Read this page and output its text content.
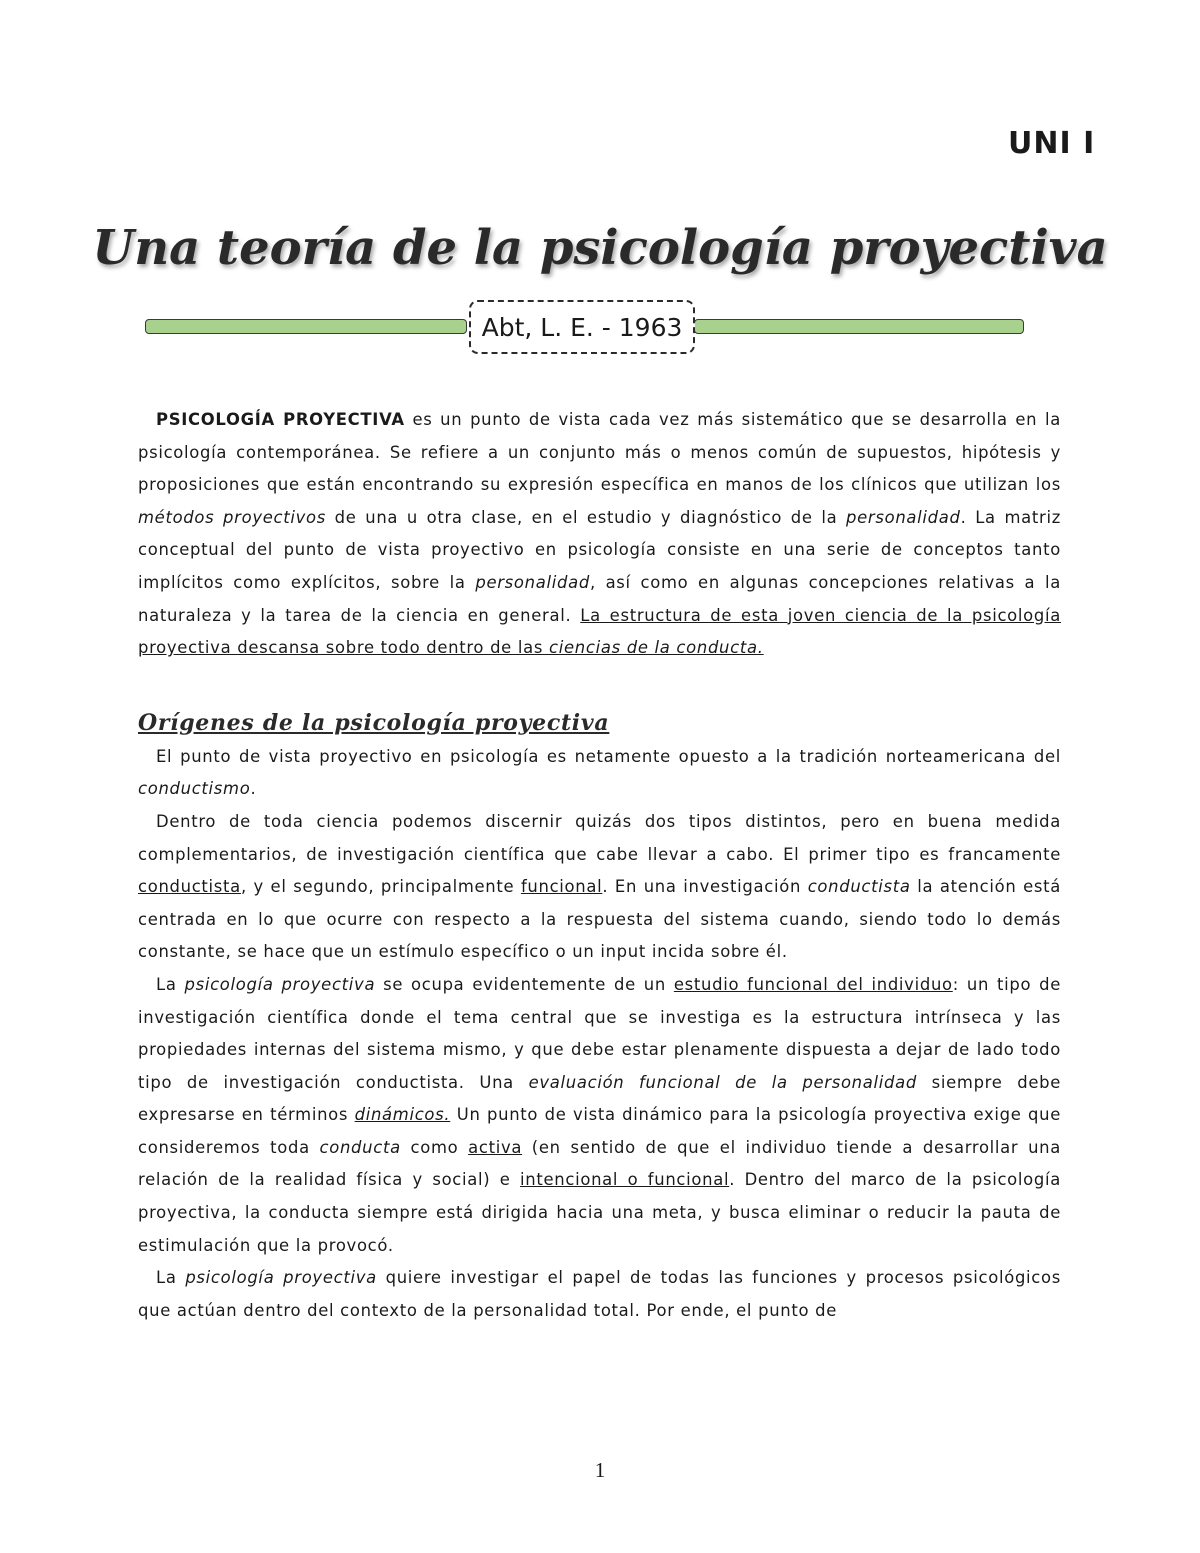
UNI I
Una teoría de la psicología proyectiva
Abt, L. E. - 1963

PSICOLOGÍA PROYECTIVA es un punto de vista cada vez más sistemático que se desarrolla en la psicología contemporánea. Se refiere a un conjunto más o menos común de supuestos, hipótesis y proposiciones que están encontrando su expresión específica en manos de los clínicos que utilizan los métodos proyectivos de una u otra clase, en el estudio y diagnóstico de la personalidad. La matriz conceptual del punto de vista proyectivo en psicología consiste en una serie de conceptos tanto implícitos como explícitos, sobre la personalidad, así como en algunas concepciones relativas a la naturaleza y la tarea de la ciencia en general. La estructura de esta joven ciencia de la psicología proyectiva descansa sobre todo dentro de las ciencias de la conducta.

Orígenes de la psicología proyectiva

El punto de vista proyectivo en psicología es netamente opuesto a la tradición norteamericana del conductismo.

Dentro de toda ciencia podemos discernir quizás dos tipos distintos, pero en buena medida complementarios, de investigación científica que cabe llevar a cabo. El primer tipo es francamente conductista, y el segundo, principalmente funcional. En una investigación conductista la atención está centrada en lo que ocurre con respecto a la respuesta del sistema cuando, siendo todo lo demás constante, se hace que un estímulo específico o un input incida sobre él.

La psicología proyectiva se ocupa evidentemente de un estudio funcional del individuo: un tipo de investigación científica donde el tema central que se investiga es la estructura intrínseca y las propiedades internas del sistema mismo, y que debe estar plenamente dispuesta a dejar de lado todo tipo de investigación conductista. Una evaluación funcional de la personalidad siempre debe expresarse en términos dinámicos. Un punto de vista dinámico para la psicología proyectiva exige que consideremos toda conducta como activa (en sentido de que el individuo tiende a desarrollar una relación de la realidad física y social) e intencional o funcional. Dentro del marco de la psicología proyectiva, la conducta siempre está dirigida hacia una meta, y busca eliminar o reducir la pauta de estimulación que la provocó.

La psicología proyectiva quiere investigar el papel de todas las funciones y procesos psicológicos que actúan dentro del contexto de la personalidad total. Por ende, el punto de

1
